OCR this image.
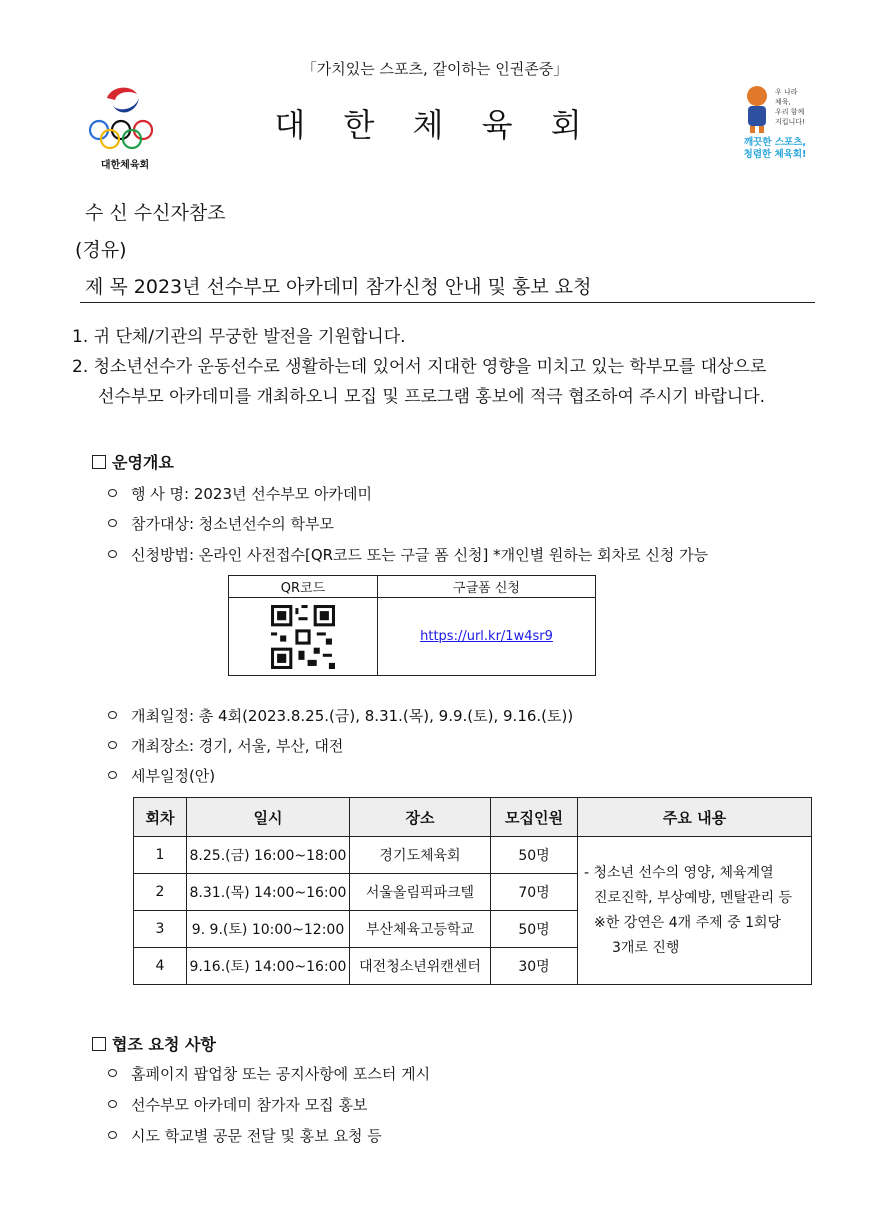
「가치있는 스포츠, 같이하는 인권존중」
대한체육회
대 한 체 육 회
우 나라
체육,
우리 함께
지킵니다!
깨끗한 스포츠,
청렴한 체육회!
수 신 수신자참조
(경유)
제 목 2023년 선수부모 아카데미 참가신청 안내 및 홍보 요청
1. 귀 단체/기관의 무궁한 발전을 기원합니다.
2. 청소년선수가 운동선수로 생활하는데 있어서 지대한 영향을 미치고 있는 학부모를 대상으로
선수부모 아카데미를 개최하오니 모집 및 프로그램 홍보에 적극 협조하여 주시기 바랍니다.
운영개요
행 사 명: 2023년 선수부모 아카데미
참가대상: 청소년선수의 학부모
신청방법: 온라인 사전접수[QR코드 또는 구글 폼 신청] *개인별 원하는 회차로 신청 가능
QR코드	구글폼 신청

	https://url.kr/1w4sr9
개최일정: 총 4회(2023.8.25.(금), 8.31.(목), 9.9.(토), 9.16.(토))
개최장소: 경기, 서울, 부산, 대전
세부일정(안)
회차	일시	장소	모집인원	주요 내용
1	8.25.(금) 16:00~18:00	경기도체육회	50명	- 청소년 선수의 영양, 체육계열
진로진학, 부상예방, 멘탈관리 등
※한 강연은 4개 주제 중 1회당
3개로 진행

2	8.31.(목) 14:00~16:00	서울올림픽파크텔	70명	
3	9. 9.(토) 10:00~12:00	부산체육고등학교	50명	
4	9.16.(토) 14:00~16:00	대전청소년위캔센터	30명	
협조 요청 사항
홈페이지 팝업창 또는 공지사항에 포스터 게시
선수부모 아카데미 참가자 모집 홍보
시도 학교별 공문 전달 및 홍보 요청 등
